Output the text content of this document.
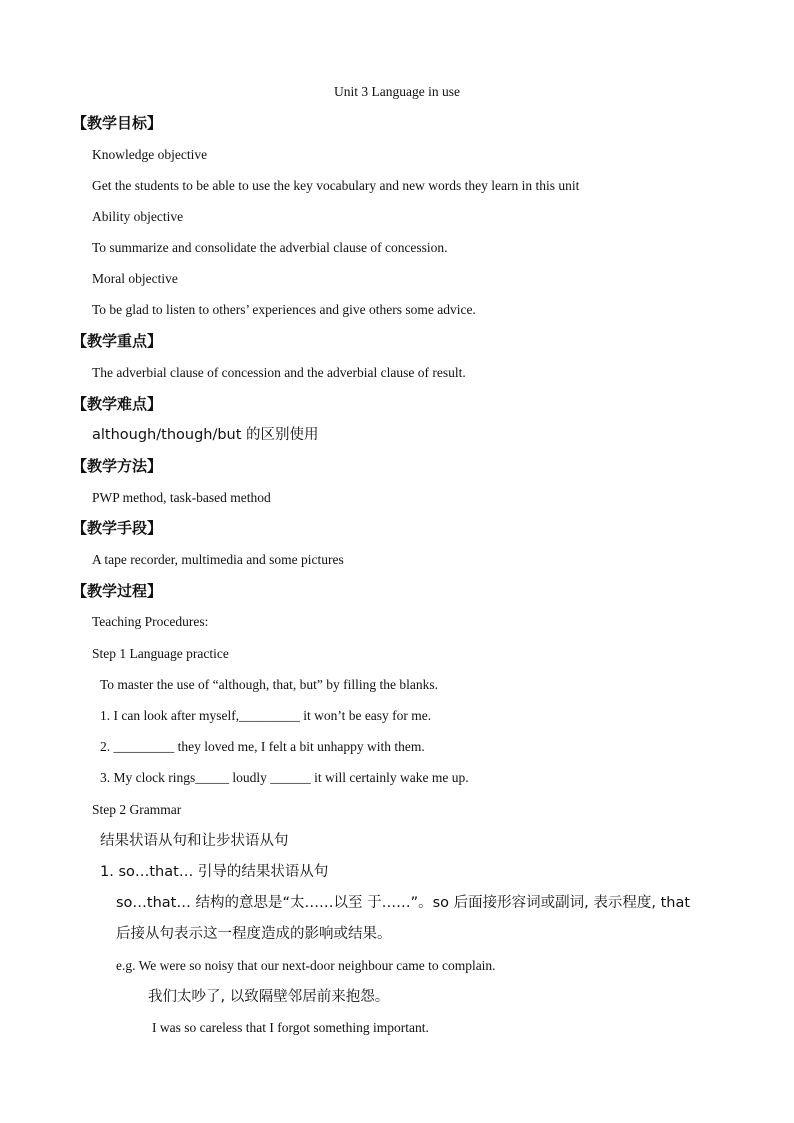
Unit 3 Language in use
【教学目标】
Knowledge objective
Get the students to be able to use the key vocabulary and new words they learn in this unit
Ability objective
To summarize and consolidate the adverbial clause of concession.
Moral objective
To be glad to listen to others’ experiences and give others some advice.
【教学重点】
The adverbial clause of concession and the adverbial clause of result.
【教学难点】
although/though/but 的区别使用
【教学方法】
PWP method, task-based method
【教学手段】
A tape recorder, multimedia and some pictures
【教学过程】
Teaching Procedures:
Step 1 Language practice
To master the use of “although, that, but” by filling the blanks.
1. I can look after myself,_________ it won’t be easy for me.
2. _________ they loved me, I felt a bit unhappy with them.
3. My clock rings_____ loudly ______ it will certainly wake me up.
Step 2 Grammar
结果状语从句和让步状语从句
1. so…that… 引导的结果状语从句
so…that… 结构的意思是“太……以至 于……”。so 后面接形容词或副词, 表示程度, that
后接从句表示这一程度造成的影响或结果。
e.g. We were so noisy that our next-door neighbour came to complain.
我们太吵了, 以致隔壁邻居前来抱怨。
I was so careless that I forgot something important.
